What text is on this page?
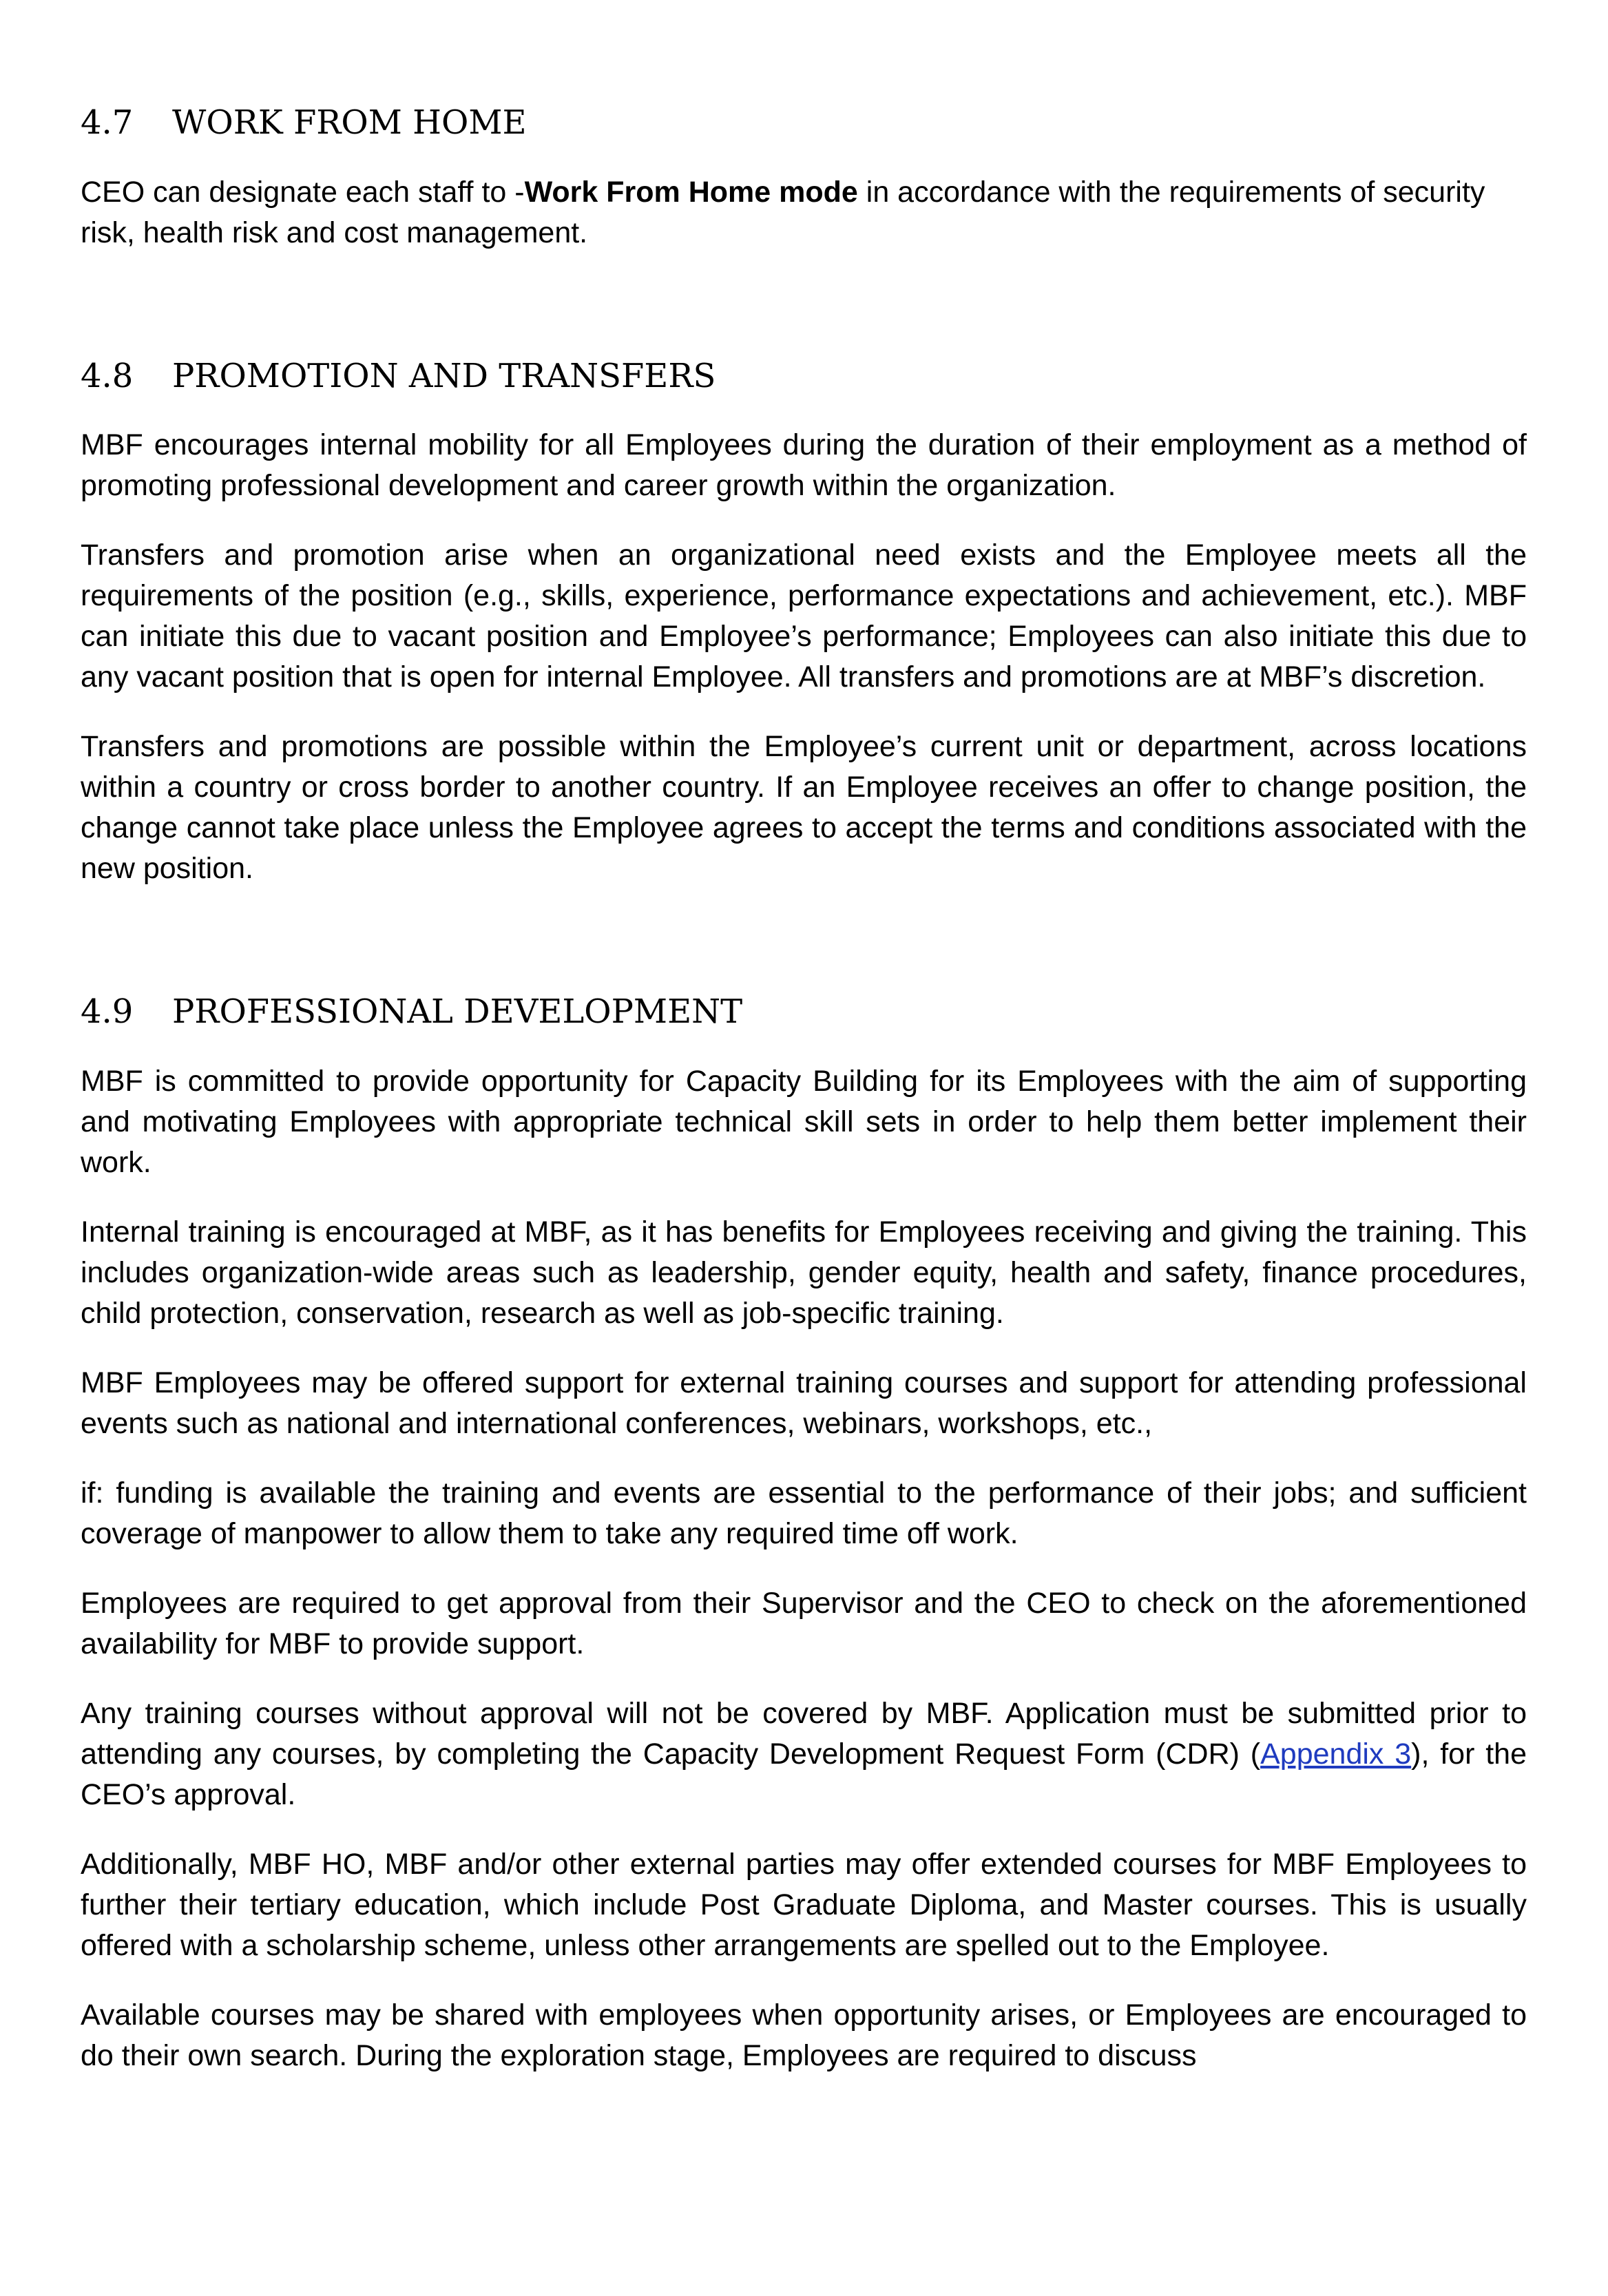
4.7	WORK FROM HOME

CEO can designate each staff to -Work From Home mode in accordance with the requirements of security risk, health risk and cost management.

4.8	PROMOTION AND TRANSFERS

MBF encourages internal mobility for all Employees during the duration of their employment as a method of promoting professional development and career growth within the organization.

Transfers and promotion arise when an organizational need exists and the Employee meets all the requirements of the position (e.g., skills, experience, performance expectations and achievement, etc.). MBF can initiate this due to vacant position and Employee’s performance; Employees can also initiate this due to any vacant position that is open for internal Employee. All transfers and promotions are at MBF’s discretion.

Transfers and promotions are possible within the Employee’s current unit or department, across locations within a country or cross border to another country. If an Employee receives an offer to change position, the change cannot take place unless the Employee agrees to accept the terms and conditions associated with the new position.

4.9	PROFESSIONAL DEVELOPMENT

MBF is committed to provide opportunity for Capacity Building for its Employees with the aim of supporting and motivating Employees with appropriate technical skill sets in order to help them better implement their work.

Internal training is encouraged at MBF, as it has benefits for Employees receiving and giving the training. This includes organization-wide areas such as leadership, gender equity, health and safety, finance procedures, child protection, conservation, research as well as job-specific training.

MBF Employees may be offered support for external training courses and support for attending professional events such as national and international conferences, webinars, workshops, etc.,

if: funding is available the training and events are essential to the performance of their jobs; and sufficient coverage of manpower to allow them to take any required time off work.

Employees are required to get approval from their Supervisor and the CEO to check on the aforementioned availability for MBF to provide support.

Any training courses without approval will not be covered by MBF. Application must be submitted prior to attending any courses, by completing the Capacity Development Request Form (CDR) (Appendix 3), for the CEO’s approval.

Additionally, MBF HO, MBF and/or other external parties may offer extended courses for MBF Employees to further their tertiary education, which include Post Graduate Diploma, and Master courses. This is usually offered with a scholarship scheme, unless other arrangements are spelled out to the Employee.

Available courses may be shared with employees when opportunity arises, or Employees are encouraged to do their own search. During the exploration stage, Employees are required to discuss
